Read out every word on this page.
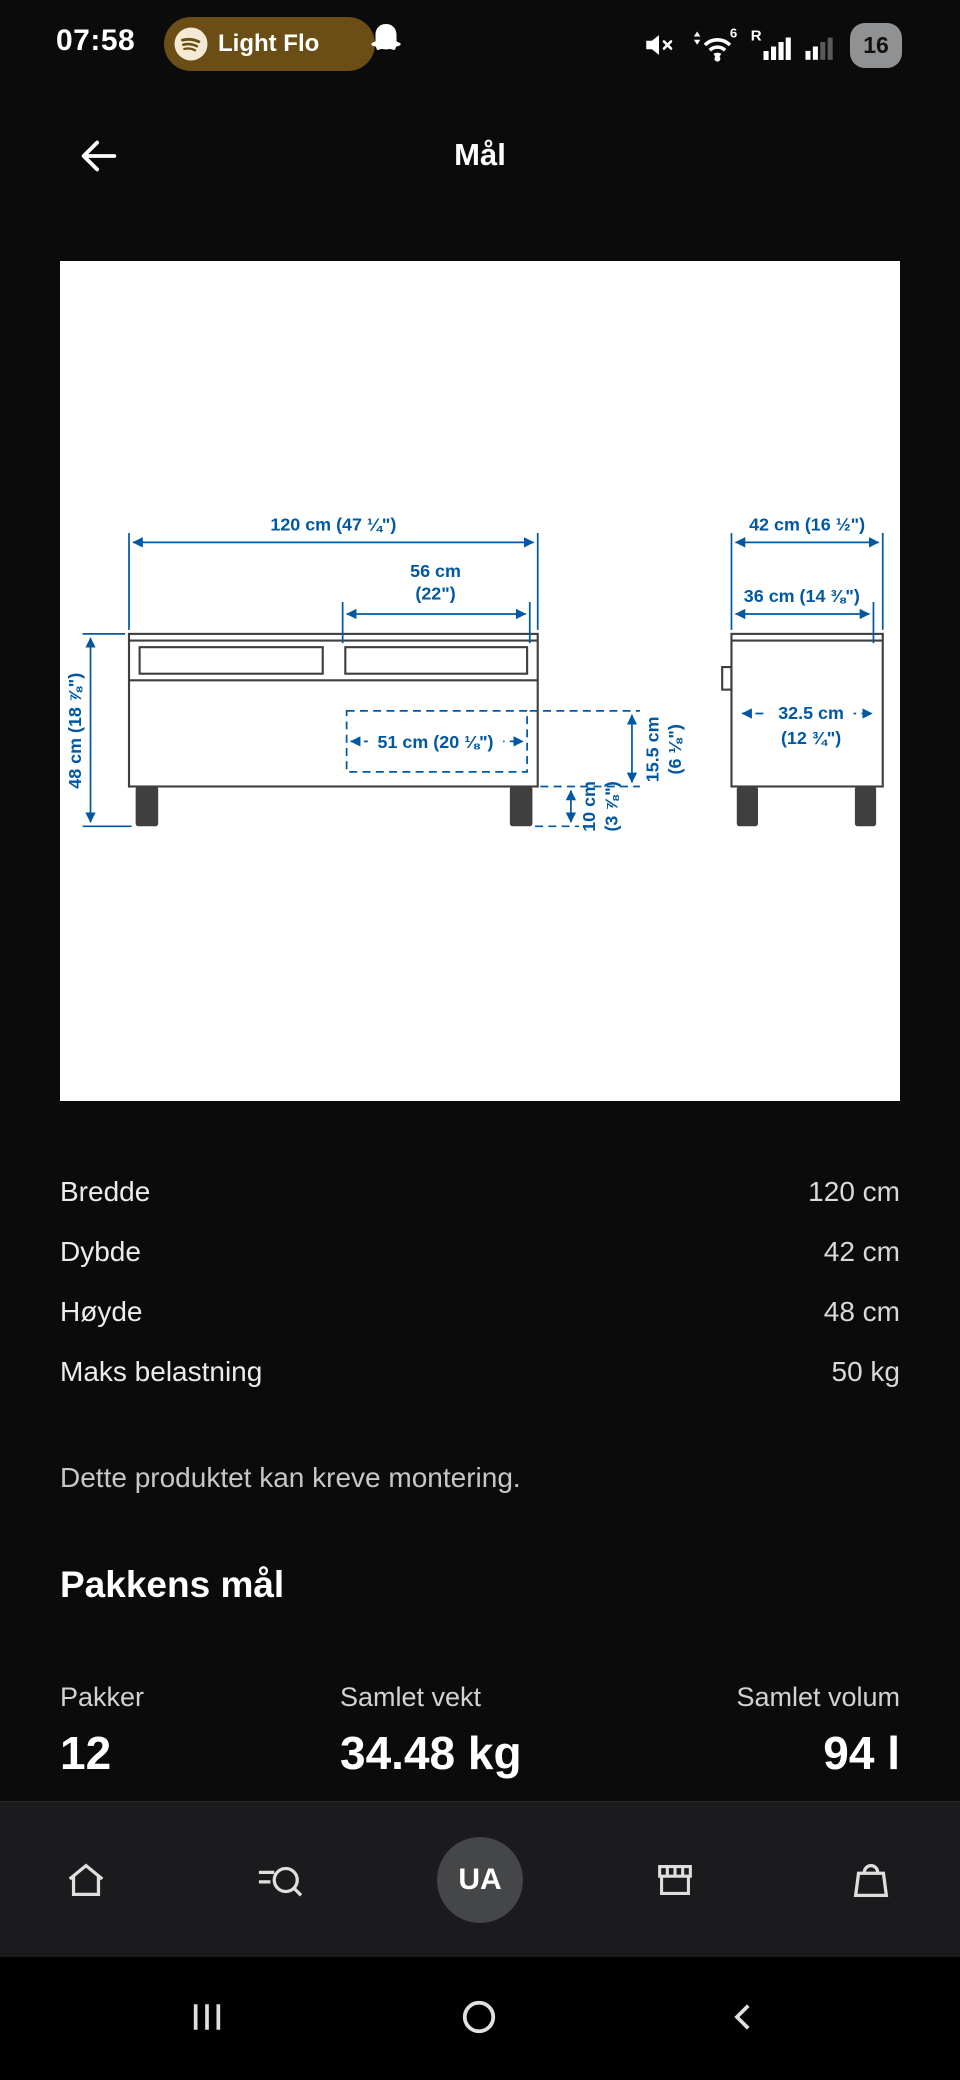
07:58	Light Flo	6 R	16
Mål
120 cm (47 ¼")
56 cm
(22")
48 cm (18 ⅞")	51 cm (20 ⅛")	15.5 cm (6 ⅛")
10 cm (3 ⅞")
42 cm (16 ½")
36 cm (14 ⅜")
32.5 cm
(12 ¾")
Bredde	120 cm
Dybde	42 cm
Høyde	48 cm
Maks belastning	50 kg
Dette produktet kan kreve montering.
Pakkens mål
Pakker	Samlet vekt	Samlet volum
12	34.48 kg	94 l
UA
